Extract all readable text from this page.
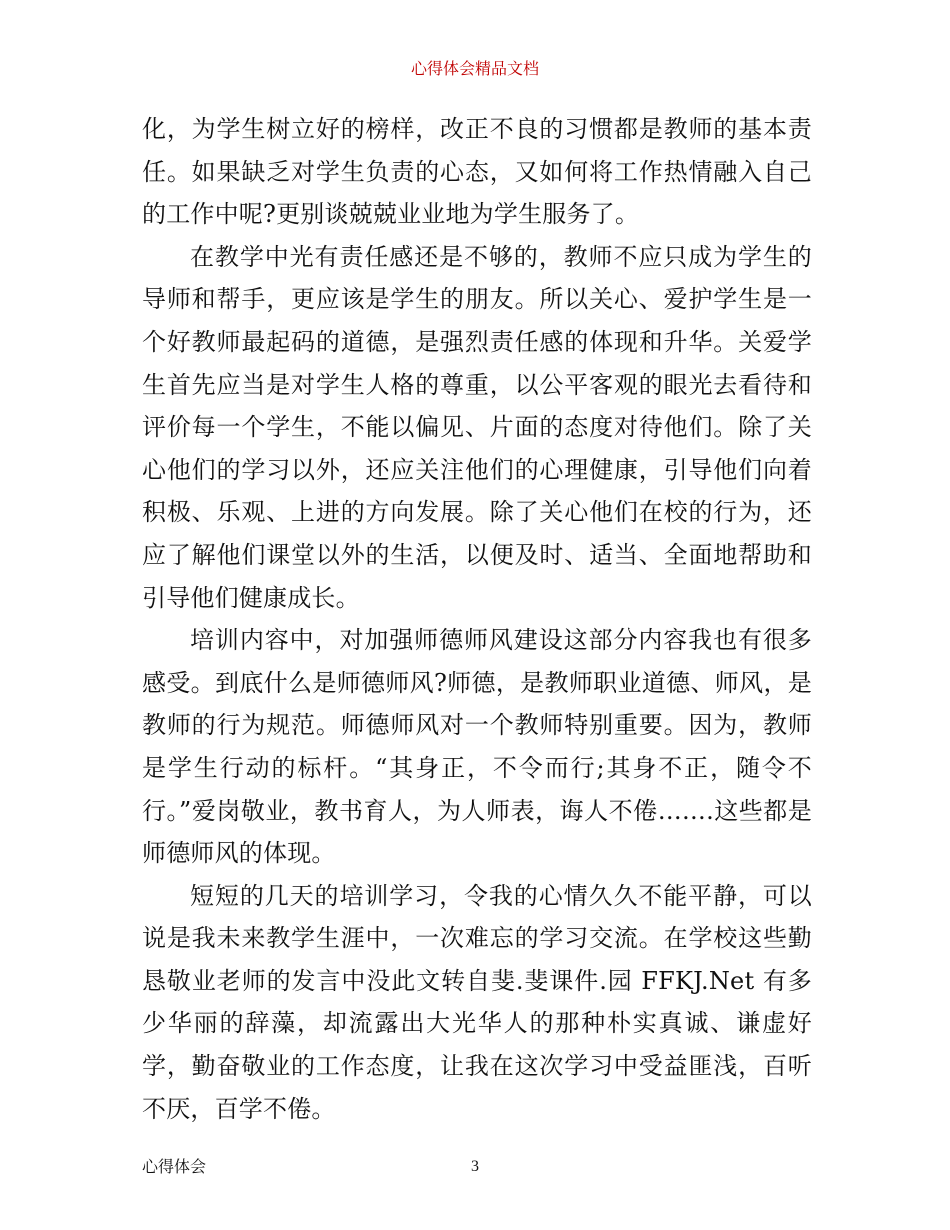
心得体会精品文档

化，为学生树立好的榜样，改正不良的习惯都是教师的基本责任。如果缺乏对学生负责的心态，又如何将工作热情融入自己的工作中呢?更别谈兢兢业业地为学生服务了。

在教学中光有责任感还是不够的，教师不应只成为学生的导师和帮手，更应该是学生的朋友。所以关心、爱护学生是一个好教师最起码的道德，是强烈责任感的体现和升华。关爱学生首先应当是对学生人格的尊重，以公平客观的眼光去看待和评价每一个学生，不能以偏见、片面的态度对待他们。除了关心他们的学习以外，还应关注他们的心理健康，引导他们向着积极、乐观、上进的方向发展。除了关心他们在校的行为，还应了解他们课堂以外的生活，以便及时、适当、全面地帮助和引导他们健康成长。

培训内容中，对加强师德师风建设这部分内容我也有很多感受。到底什么是师德师风?师德，是教师职业道德、师风，是教师的行为规范。师德师风对一个教师特别重要。因为，教师是学生行动的标杆。“其身正，不令而行;其身不正，随令不行。”爱岗敬业，教书育人，为人师表，诲人不倦…….这些都是师德师风的体现。

短短的几天的培训学习，令我的心情久久不能平静，可以说是我未来教学生涯中，一次难忘的学习交流。在学校这些勤恳敬业老师的发言中没此文转自斐.斐课件.园 FFKJ.Net 有多少华丽的辞藻，却流露出大光华人的那种朴实真诚、谦虚好学，勤奋敬业的工作态度，让我在这次学习中受益匪浅，百听不厌，百学不倦。

心得体会	3
